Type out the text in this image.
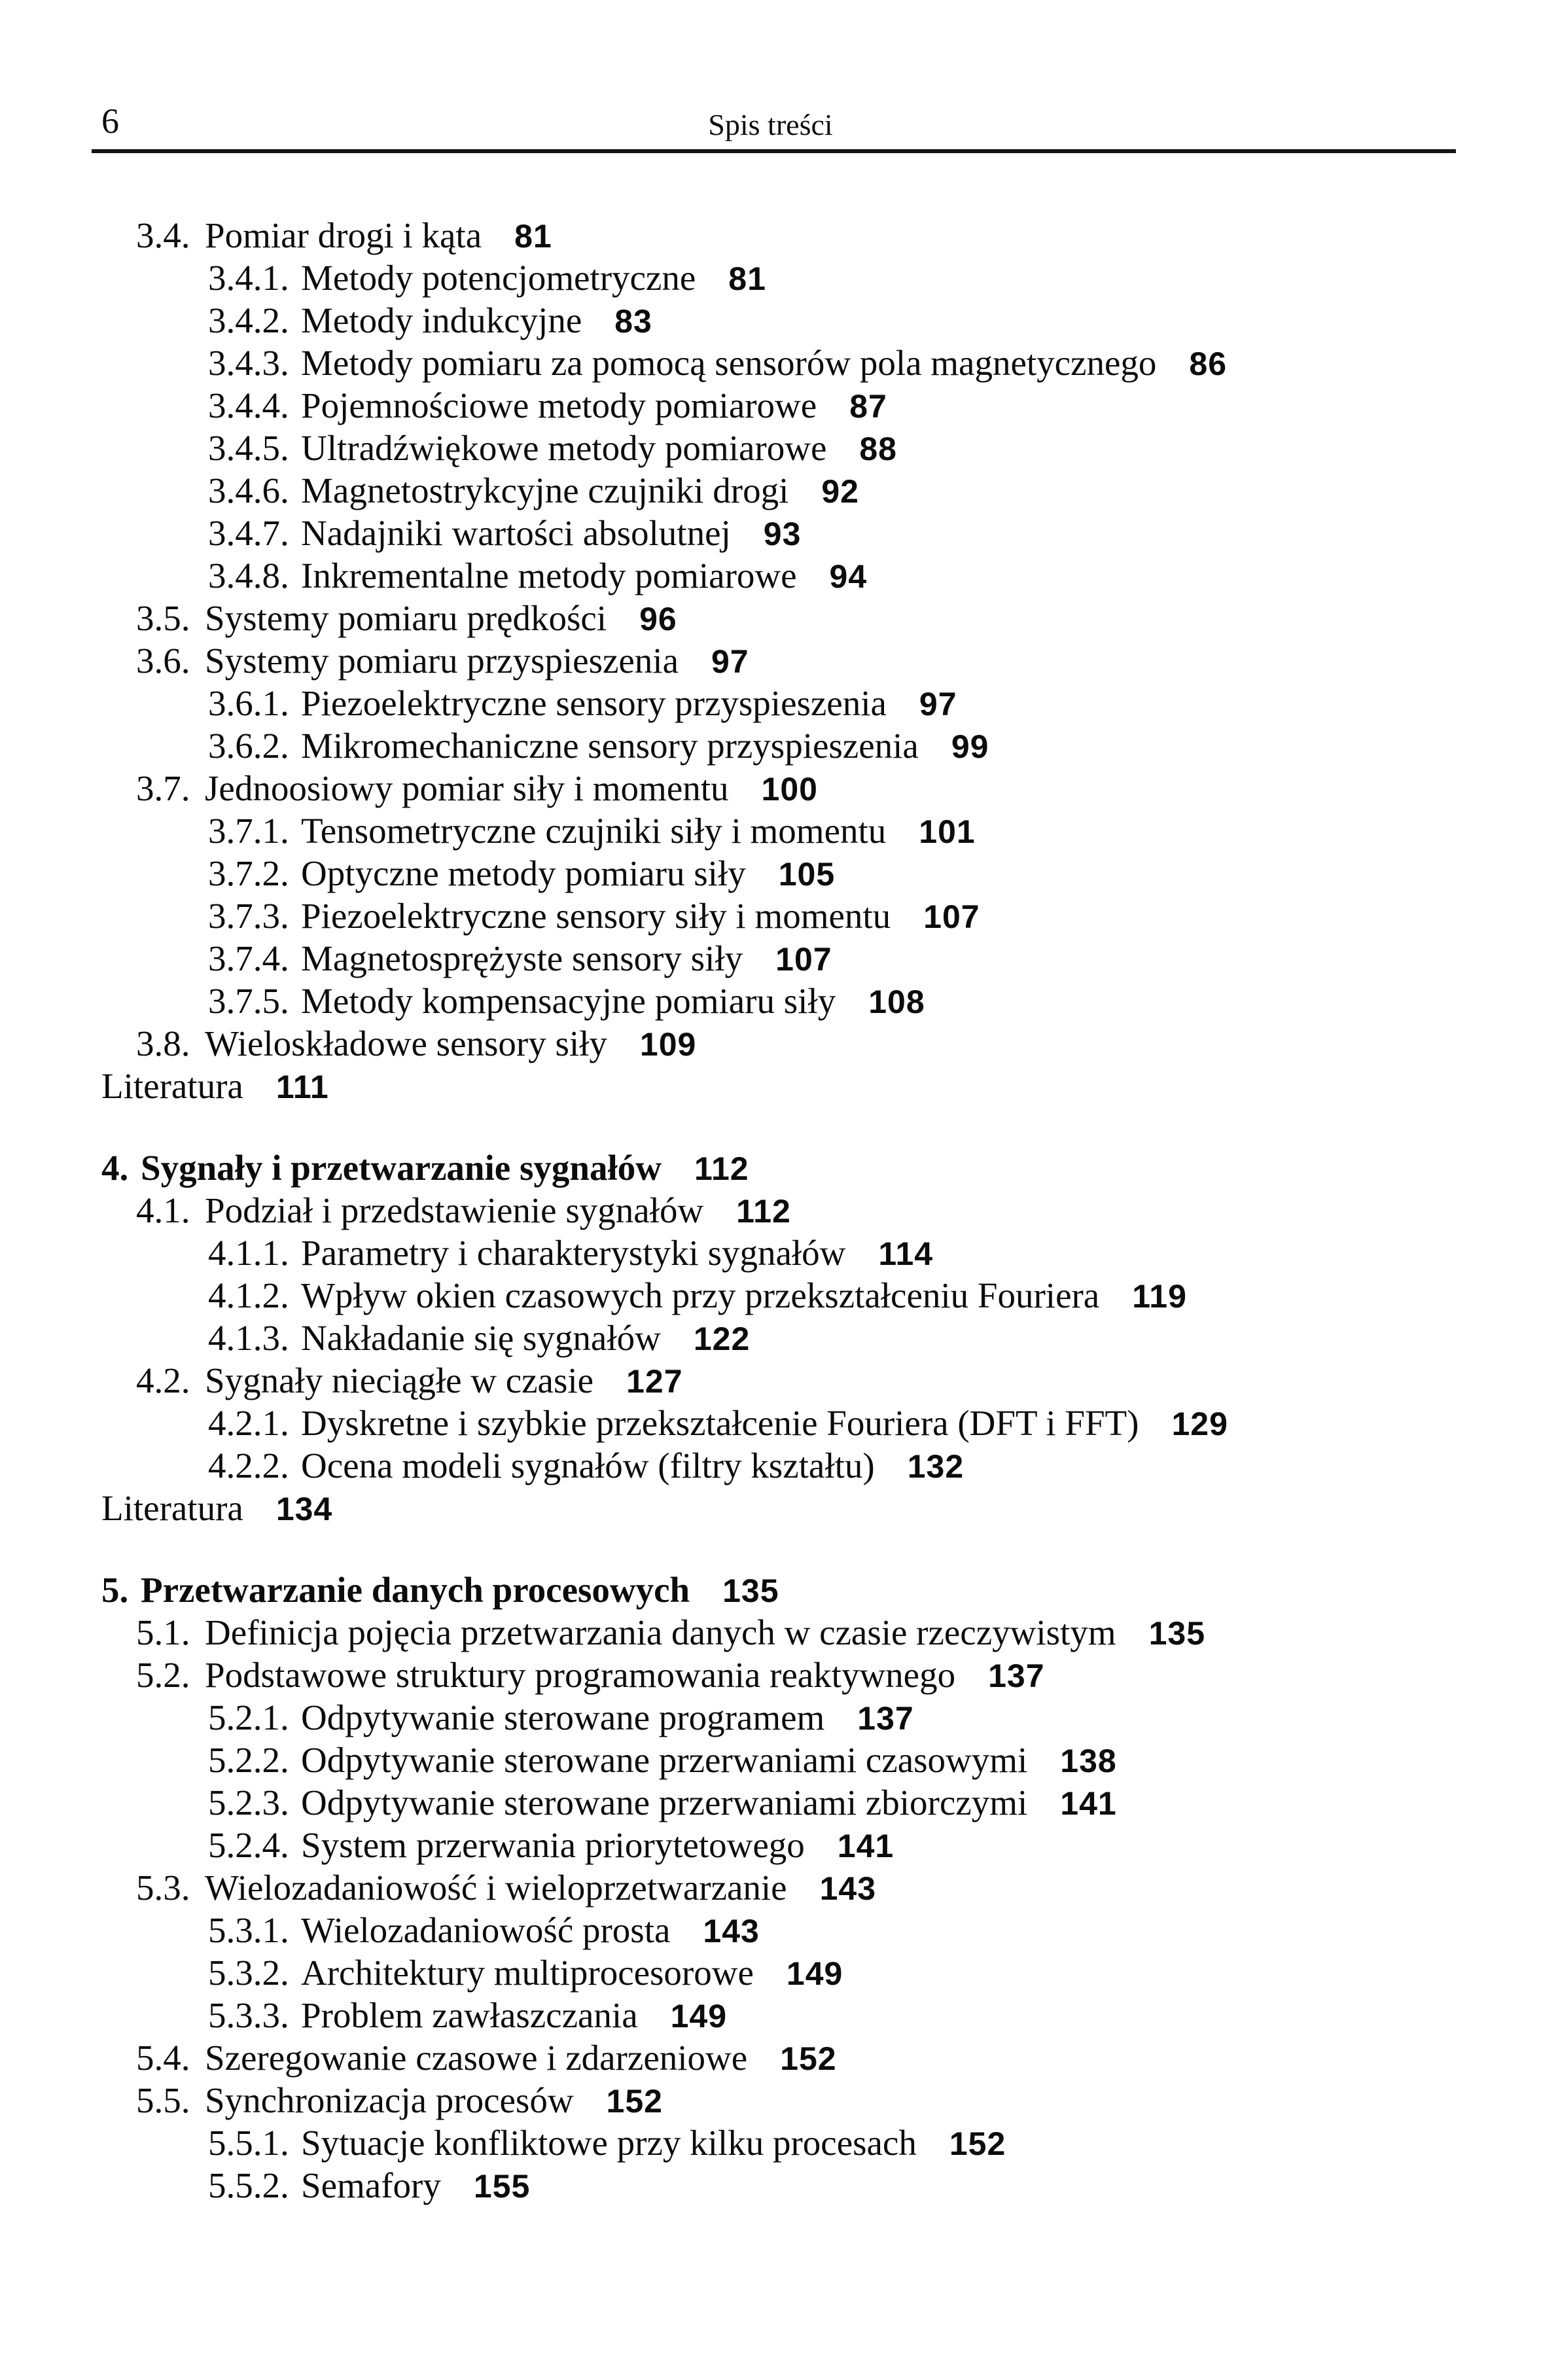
6	Spis treści
3.4. Pomiar drogi i kąta 81
3.4.1. Metody potencjometryczne 81
3.4.2. Metody indukcyjne 83
3.4.3. Metody pomiaru za pomocą sensorów pola magnetycznego 86
3.4.4. Pojemnościowe metody pomiarowe 87
3.4.5. Ultradźwiękowe metody pomiarowe 88
3.4.6. Magnetostrykcyjne czujniki drogi 92
3.4.7. Nadajniki wartości absolutnej 93
3.4.8. Inkrementalne metody pomiarowe 94
3.5. Systemy pomiaru prędkości 96
3.6. Systemy pomiaru przyspieszenia 97
3.6.1. Piezoelektryczne sensory przyspieszenia 97
3.6.2. Mikromechaniczne sensory przyspieszenia 99
3.7. Jednoosiowy pomiar siły i momentu 100
3.7.1. Tensometryczne czujniki siły i momentu 101
3.7.2. Optyczne metody pomiaru siły 105
3.7.3. Piezoelektryczne sensory siły i momentu 107
3.7.4. Magnetosprężyste sensory siły 107
3.7.5. Metody kompensacyjne pomiaru siły 108
3.8. Wieloskładowe sensory siły 109
Literatura 111
4. Sygnały i przetwarzanie sygnałów 112
4.1. Podział i przedstawienie sygnałów 112
4.1.1. Parametry i charakterystyki sygnałów 114
4.1.2. Wpływ okien czasowych przy przekształceniu Fouriera 119
4.1.3. Nakładanie się sygnałów 122
4.2. Sygnały nieciągłe w czasie 127
4.2.1. Dyskretne i szybkie przekształcenie Fouriera (DFT i FFT) 129
4.2.2. Ocena modeli sygnałów (filtry kształtu) 132
Literatura 134
5. Przetwarzanie danych procesowych 135
5.1. Definicja pojęcia przetwarzania danych w czasie rzeczywistym 135
5.2. Podstawowe struktury programowania reaktywnego 137
5.2.1. Odpytywanie sterowane programem 137
5.2.2. Odpytywanie sterowane przerwaniami czasowymi 138
5.2.3. Odpytywanie sterowane przerwaniami zbiorczymi 141
5.2.4. System przerwania priorytetowego 141
5.3. Wielozadaniowość i wieloprzetwarzanie 143
5.3.1. Wielozadaniowość prosta 143
5.3.2. Architektury multiprocesorowe 149
5.3.3. Problem zawłaszczania 149
5.4. Szeregowanie czasowe i zdarzeniowe 152
5.5. Synchronizacja procesów 152
5.5.1. Sytuacje konfliktowe przy kilku procesach 152
5.5.2. Semafory 155
